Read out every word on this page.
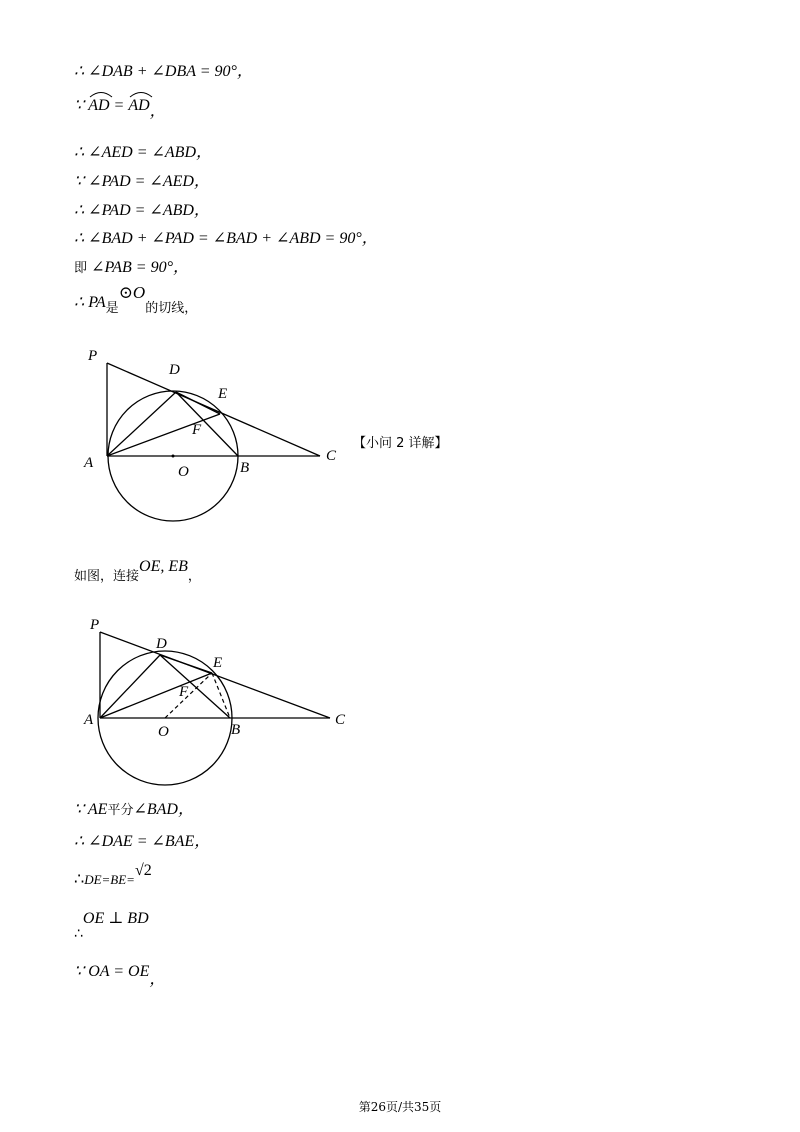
∴ ∠DAB + ∠DBA = 90°，
∵
AD =
AD，
∴ ∠AED = ∠ABD，
∵ ∠PAD = ∠AED，
∴ ∠PAD = ∠ABD，
∴ ∠BAD + ∠PAD = ∠BAD + ∠ABD = 90°，
即 ∠PAB = 90°，
∴ $PA_是⊙O_{的切线,}$
P
D
E
F
A
O	B
C
【小问 2 详解】
如图，连接OE, EB，
P
D
E
F
A
O	B
C
∵ AE平分∠BAD，
∴ ∠DAE = ∠BAE，
∴DE=BE=√2
∴OE ⊥ BD
∵ OA = OE，
第26页/共35页
